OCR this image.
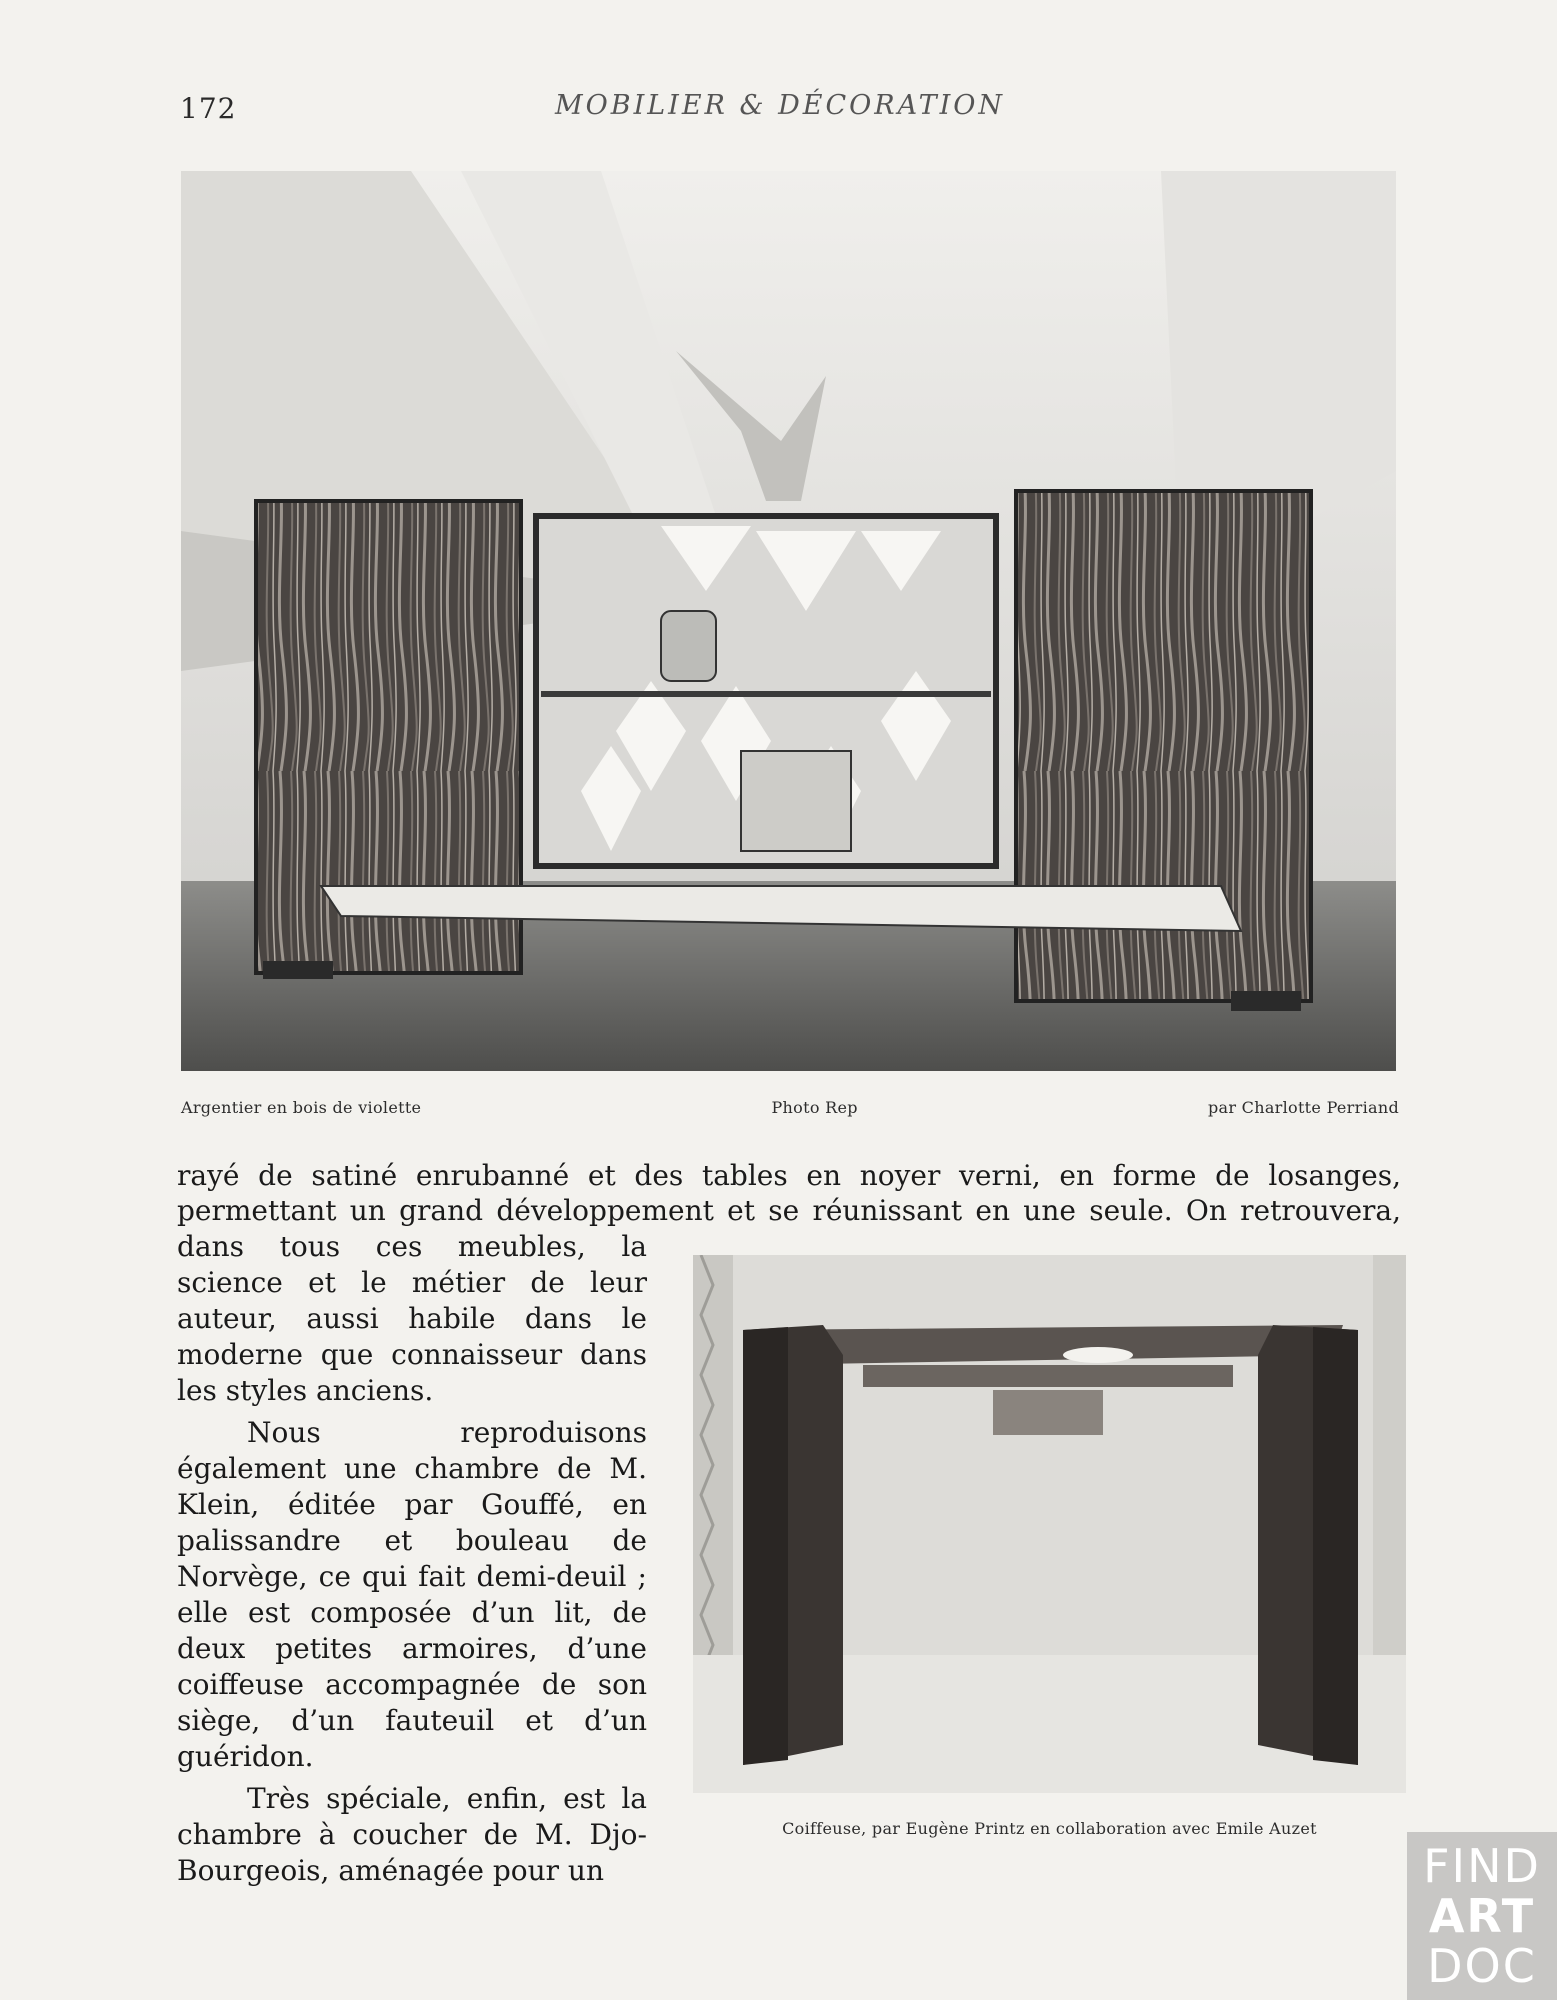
172	MOBILIER & DÉCORATION
Argentier en bois de violette	Photo Rep	par Charlotte Perriand

rayé de satiné enrubanné et des tables en noyer verni, en forme de losanges,

permettant un grand développement et se réunissant en une seule. On retrouvera,

dans tous ces meubles, la science et le métier de leur auteur, aussi habile dans le moderne que connaisseur dans les styles anciens.

Nous reproduisons également une chambre de M. Klein, éditée par Gouffé, en palissandre et bouleau de Norvège, ce qui fait demi-deuil ; elle est composée d’un lit, de deux petites armoires, d’une coiffeuse accompagnée de son siège, d’un fauteuil et d’un guéridon.

Très spéciale, enfin, est la chambre à coucher de M. Djo-Bourgeois, aménagée pour un

Coiffeuse, par Eugène Printz en collaboration avec Emile Auzet
FIND
ART
DOC
